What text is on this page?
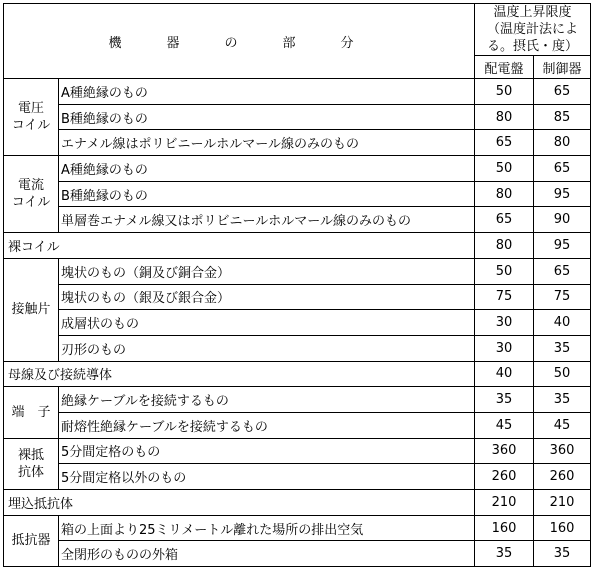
機　器　の　部　分		温度上昇限度
（温度計法によ
る。摂氏・度）	
		配電盤	制御器
電圧
コイル	A種絶縁のもの	50	65
	B種絶縁のもの	80	85
	エナメル線はポリビニールホルマール線のみのもの	65	80
電流
コイル	A種絶縁のもの	50	65
	B種絶縁のもの	80	95
	単層巻エナメル線又はポリビニールホルマール線のみのもの	65	90
裸コイル		80	95
接触片	塊状のもの（銅及び銅合金）	50	65
	塊状のもの（銀及び銀合金）	75	75
	成層状のもの	30	40
	刃形のもの	30	35
母線及び接続導体		40	50
端　子	絶縁ケーブルを接続するもの	35	35
	耐熔性絶縁ケーブルを接続するもの	45	45
裸抵
抗体	5分間定格のもの	360	360
	5分間定格以外のもの	260	260
埋込抵抗体		210	210
抵抗器	箱の上面より25ミリメートル離れた場所の排出空気	160	160
	全閉形のものの外箱	35	35
